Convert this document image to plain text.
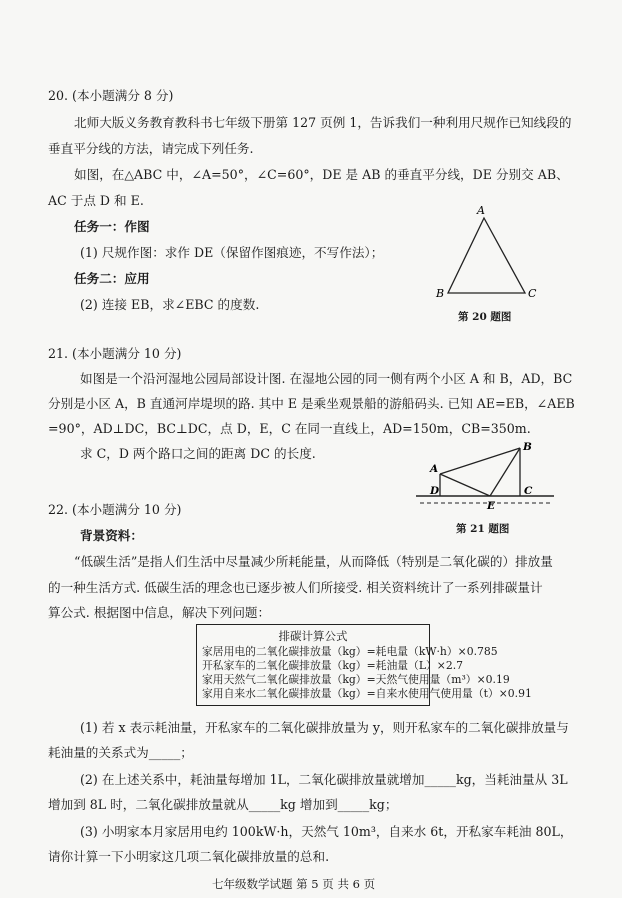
20. (本小题满分 8 分)
北师大版义务教育教科书七年级下册第 127 页例 1，告诉我们一种利用尺规作已知线段的
垂直平分线的方法，请完成下列任务.
如图，在△ABC 中，∠A=50°，∠C=60°，DE 是 AB 的垂直平分线，DE 分别交 AB、
AC 于点 D 和 E.
任务一：作图
(1) 尺规作图：求作 DE（保留作图痕迹，不写作法）；
任务二：应用
(2) 连接 EB，求∠EBC 的度数.
A
B	C
第 20 题图
21. (本小题满分 10 分)
如图是一个沿河湿地公园局部设计图. 在湿地公园的同一侧有两个小区 A 和 B，AD，BC
分别是小区 A，B 直通河岸堤坝的路. 其中 E 是乘坐观景船的游船码头. 已知 AE=EB，∠AEB
=90°，AD⊥DC，BC⊥DC，点 D，E，C 在同一直线上，AD=150m，CB=350m.
求 C，D 两个路口之间的距离 DC 的长度.
A
B
C
D
E
第 21 题图
22. (本小题满分 10 分)
背景资料：
“低碳生活”是指人们生活中尽量减少所耗能量，从而降低（特别是二氧化碳的）排放量
的一种生活方式. 低碳生活的理念也已逐步被人们所接受. 相关资料统计了一系列排碳量计
算公式. 根据图中信息，解决下列问题：
排碳计算公式
家居用电的二氧化碳排放量（kg）=耗电量（kW·h）×0.785
开私家车的二氧化碳排放量（kg）=耗油量（L）×2.7
家用天然气二氧化碳排放量（kg）=天然气使用量（m³）×0.19
家用自来水二氧化碳排放量（kg）=自来水使用气使用量（t）×0.91
(1) 若 x 表示耗油量，开私家车的二氧化碳排放量为 y，则开私家车的二氧化碳排放量与
耗油量的关系式为_____；
(2) 在上述关系中，耗油量每增加 1L，二氧化碳排放量就增加_____kg，当耗油量从 3L
增加到 8L 时，二氧化碳排放量就从_____kg 增加到_____kg；
(3) 小明家本月家居用电约 100kW·h，天然气 10m³，自来水 6t，开私家车耗油 80L，
请你计算一下小明家这几项二氧化碳排放量的总和.
七年级数学试题 第 5 页 共 6 页
